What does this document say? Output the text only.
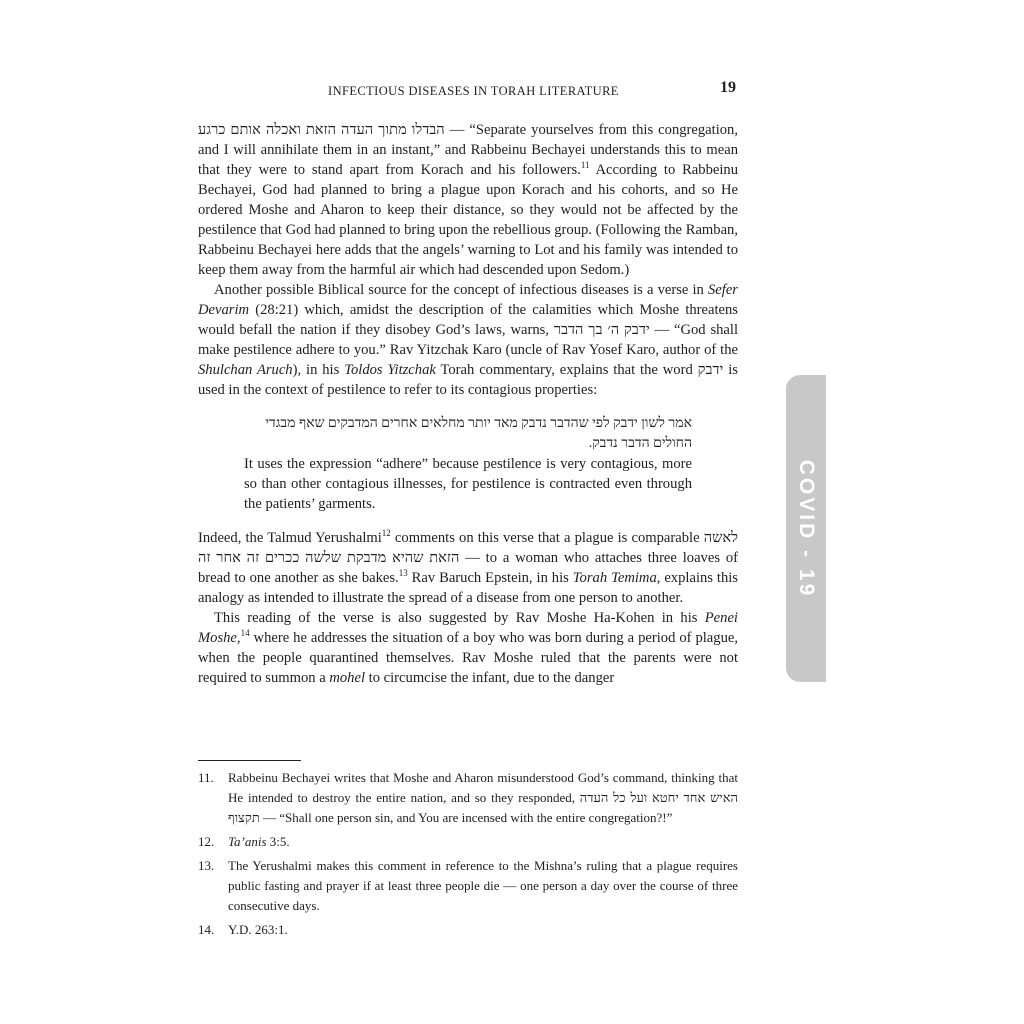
INFECTIOUS DISEASES IN TORAH LITERATURE	19

הבדלו מתוך העדה הזאת ואכלה אותם כרגע — “Separate yourselves from this congregation, and I will annihilate them in an instant,” and Rabbeinu Bechayei understands this to mean that they were to stand apart from Korach and his followers.$^{11}$ According to Rabbeinu Bechayei, God had planned to bring a plague upon Korach and his cohorts, and so He ordered Moshe and Aharon to keep their distance, so they would not be affected by the pestilence that God had planned to bring upon the rebellious group. (Following the Ramban, Rabbeinu Bechayei here adds that the angels’ warning to Lot and his family was intended to keep them away from the harmful air which had descended upon Sedom.)

Another possible Biblical source for the concept of infectious diseases is a verse in Sefer Devarim (28:21) which, amidst the description of the calamities which Moshe threatens would befall the nation if they disobey God’s laws, warns, ידבק ה׳ בך הדבר — “God shall make pestilence adhere to you.” Rav Yitzchak Karo (uncle of Rav Yosef Karo, author of the Shulchan Aruch), in his Toldos Yitzchak Torah commentary, explains that the word ידבק is used in the context of pestilence to refer to its contagious properties:

אמר לשון ידבק לפי שהדבר נדבק מאד יותר מחלאים אחרים המדבקים שאף מבגדי החולים הדבר נדבק.

It uses the expression “adhere” because pestilence is very contagious, more so than other contagious illnesses, for pestilence is contracted even through the patients’ garments.

Indeed, the Talmud Yerushalmi$^{12}$ comments on this verse that a plague is comparable לאשה הזאת שהיא מדבקת שלשה ככרים זה אחר זה — to a woman who attaches three loaves of bread to one another as she bakes.$^{13}$ Rav Baruch Epstein, in his Torah Temima, explains this analogy as intended to illustrate the spread of a disease from one person to another.

This reading of the verse is also suggested by Rav Moshe Ha-Kohen in his Penei Moshe,$^{14}$ where he addresses the situation of a boy who was born during a period of plague, when the people quarantined themselves. Rav Moshe ruled that the parents were not required to summon a mohel to circumcise the infant, due to the danger

COVID - 19
11.	Rabbeinu Bechayei writes that Moshe and Aharon misunderstood God’s command, thinking that He intended to destroy the entire nation, and so they responded, האיש אחד יחטא ועל כל העדה תקצוף — “Shall one person sin, and You are incensed with the entire congregation?!”
12.	Ta’anis 3:5.
13.	The Yerushalmi makes this comment in reference to the Mishna’s ruling that a plague requires public fasting and prayer if at least three people die — one person a day over the course of three consecutive days.
14.	Y.D. 263:1.
